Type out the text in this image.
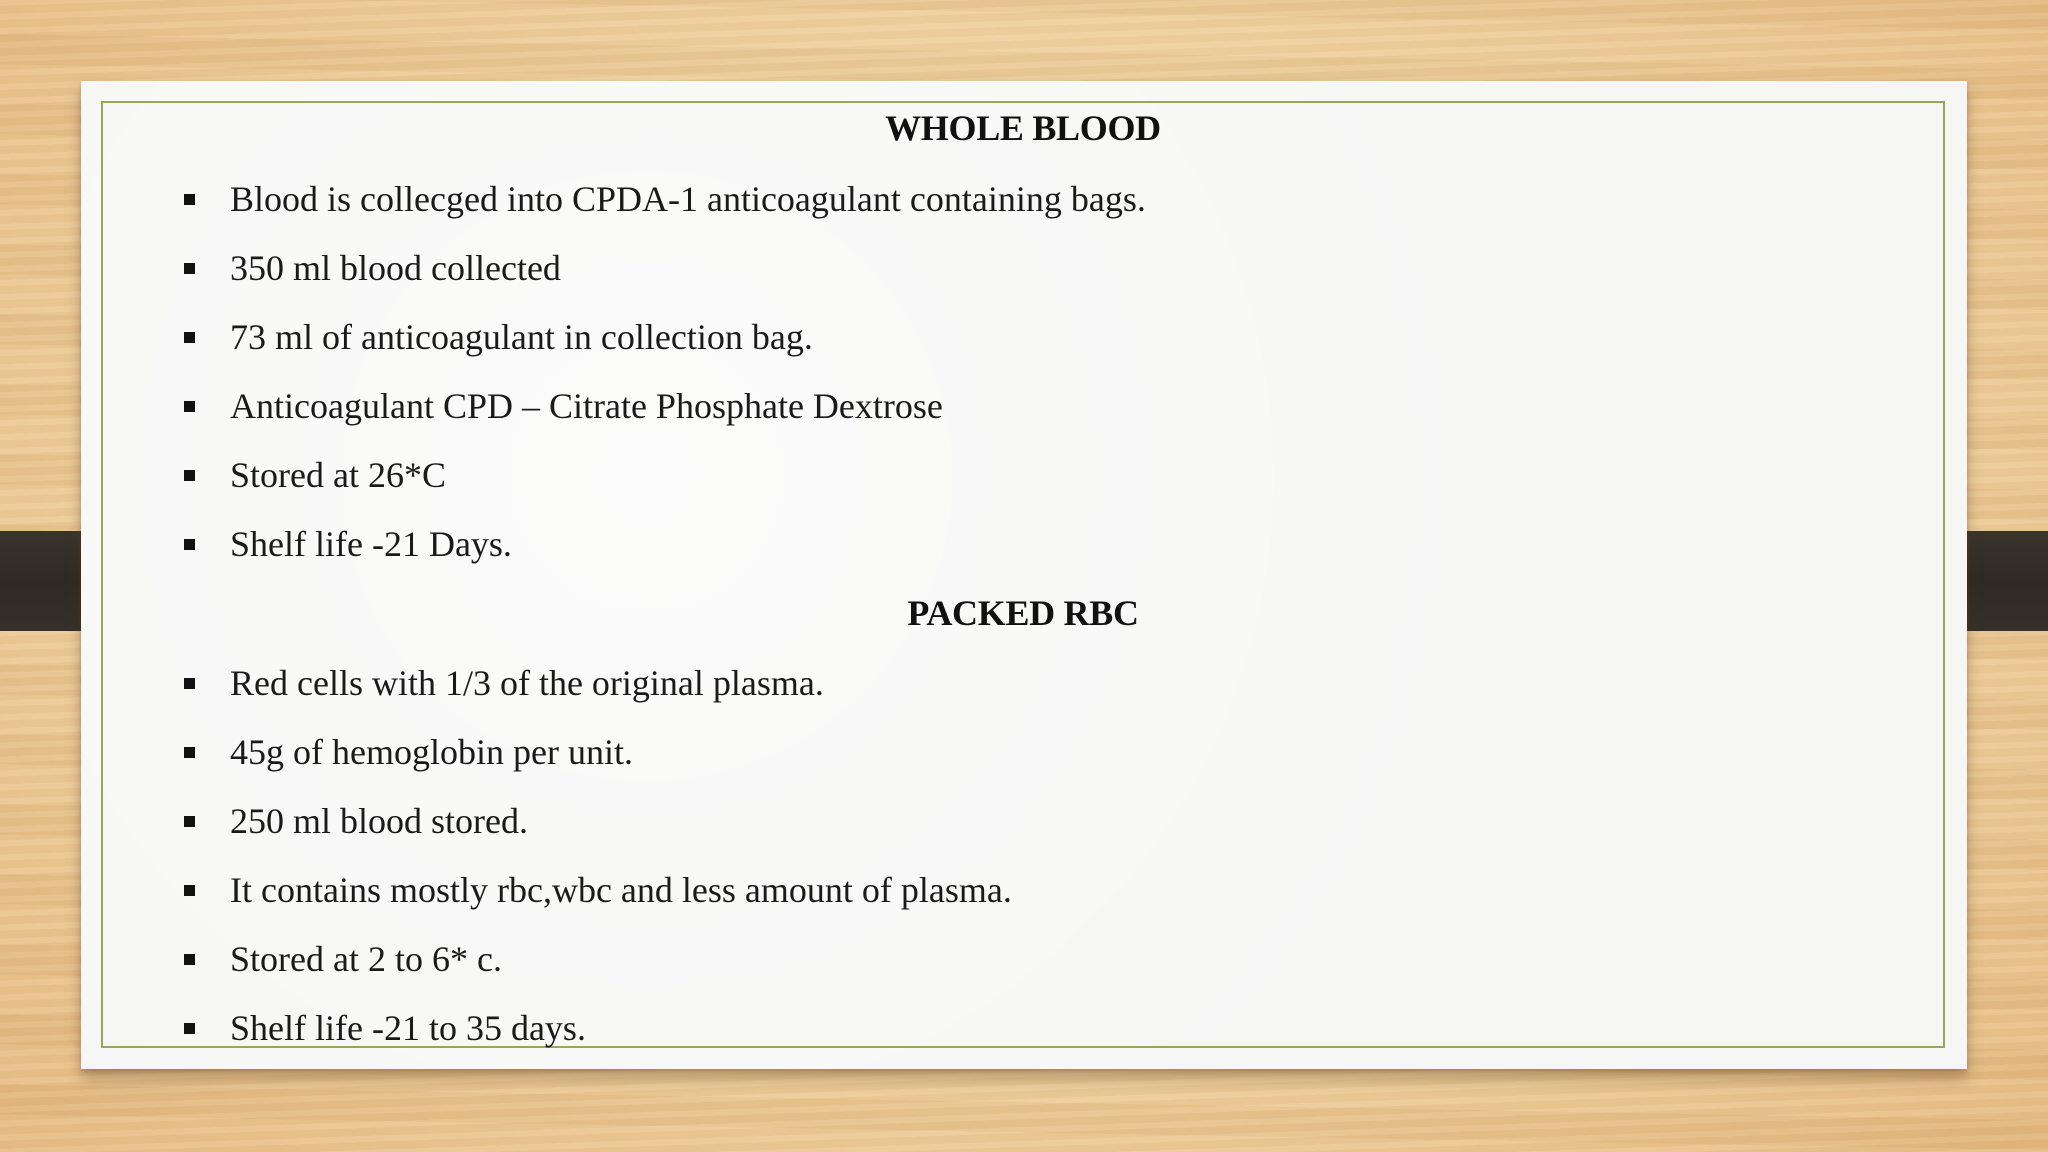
WHOLE BLOOD
Blood is collecged into CPDA-1 anticoagulant containing bags.
350 ml blood collected
73 ml of anticoagulant in collection bag.
Anticoagulant CPD – Citrate Phosphate Dextrose
Stored at 26*C
Shelf life -21 Days.
PACKED RBC
Red cells with 1/3 of the original plasma.
45g of hemoglobin per unit.
250 ml blood stored.
It contains mostly rbc,wbc and less amount of plasma.
Stored at 2 to 6* c.
Shelf life -21 to 35 days.
